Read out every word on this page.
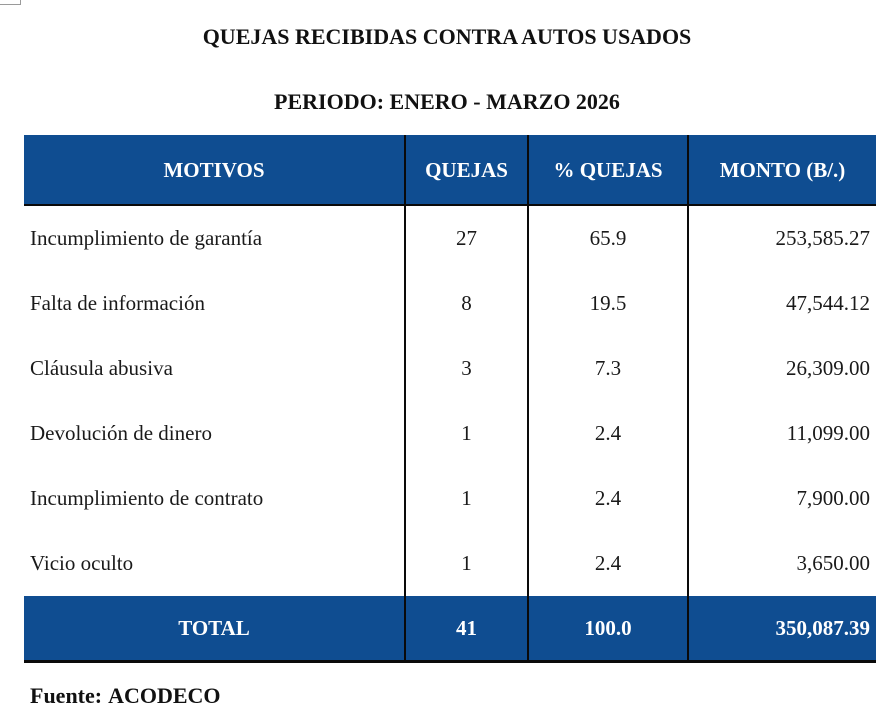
QUEJAS RECIBIDAS CONTRA AUTOS USADOS
PERIODO: ENERO - MARZO 2026
MOTIVOS	QUEJAS	% QUEJAS	MONTO (B/.)
Incumplimiento de garantía	27	65.9	253,585.27
Falta de información	8	19.5	47,544.12
Cláusula abusiva	3	7.3	26,309.00
Devolución de dinero	1	2.4	11,099.00
Incumplimiento de contrato	1	2.4	7,900.00
Vicio oculto	1	2.4	3,650.00
TOTAL	41	100.0	350,087.39
Fuente: ACODECO
